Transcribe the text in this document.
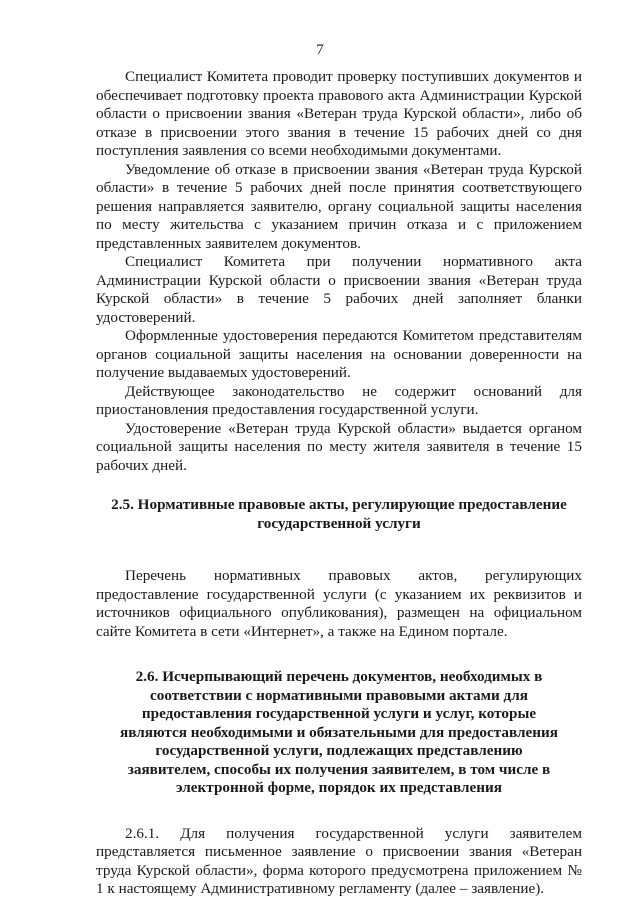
7

Специалист Комитета проводит проверку поступивших документов и обеспечивает подготовку проекта правового акта Администрации Курской области о присвоении звания «Ветеран труда Курской области», либо об отказе в присвоении этого звания в течение 15 рабочих дней со дня поступления заявления со всеми необходимыми документами.

Уведомление об отказе в присвоении звания «Ветеран труда Курской области» в течение 5 рабочих дней после принятия соответствующего решения направляется заявителю, органу социальной защиты населения по месту жительства с указанием причин отказа и с приложением представленных заявителем документов.

Специалист Комитета при получении нормативного акта Администрации Курской области о присвоении звания «Ветеран труда Курской области» в течение 5 рабочих дней заполняет бланки удостоверений.

Оформленные удостоверения передаются Комитетом представителям органов социальной защиты населения на основании доверенности на получение выдаваемых удостоверений.

Действующее законодательство не содержит оснований для приостановления предоставления государственной услуги.

Удостоверение «Ветеран труда Курской области» выдается органом социальной защиты населения по месту жителя заявителя в течение 15 рабочих дней.

2.5. Нормативные правовые акты, регулирующие предоставление государственной услуги

Перечень нормативных правовых актов, регулирующих предоставление государственной услуги (с указанием их реквизитов и источников официального опубликования), размещен на официальном сайте Комитета в сети «Интернет», а также на Едином портале.

2.6. Исчерпывающий перечень документов, необходимых в соответствии с нормативными правовыми актами для предоставления государственной услуги и услуг, которые являются необходимыми и обязательными для предоставления государственной услуги, подлежащих представлению заявителем, способы их получения заявителем, в том числе в электронной форме, порядок их представления

2.6.1. Для получения государственной услуги заявителем представляется письменное заявление о присвоении звания «Ветеран труда Курской области», форма которого предусмотрена приложением № 1 к настоящему Административному регламенту (далее – заявление).
